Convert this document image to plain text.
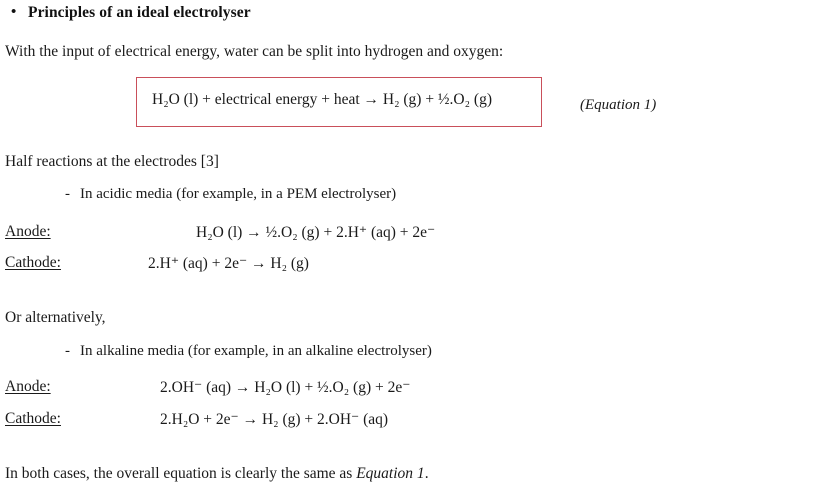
• Principles of an ideal electrolyser
With the input of electrical energy, water can be split into hydrogen and oxygen:
H₂O (l) + electrical energy + heat → H₂ (g) + ½.O₂ (g)	(Equation 1)
Half reactions at the electrodes [3]
- In acidic media (for example, in a PEM electrolyser)
Anode:	H₂O (l) → ½.O₂ (g) + 2.H⁺ (aq) + 2e⁻
Cathode:	2.H⁺ (aq) + 2e⁻ → H₂ (g)
Or alternatively,
- In alkaline media (for example, in an alkaline electrolyser)
Anode:	2.OH⁻ (aq) → H₂O (l) + ½.O₂ (g) + 2e⁻
Cathode:	2.H₂O + 2e⁻ → H₂ (g) + 2.OH⁻ (aq)
In both cases, the overall equation is clearly the same as Equation 1.
